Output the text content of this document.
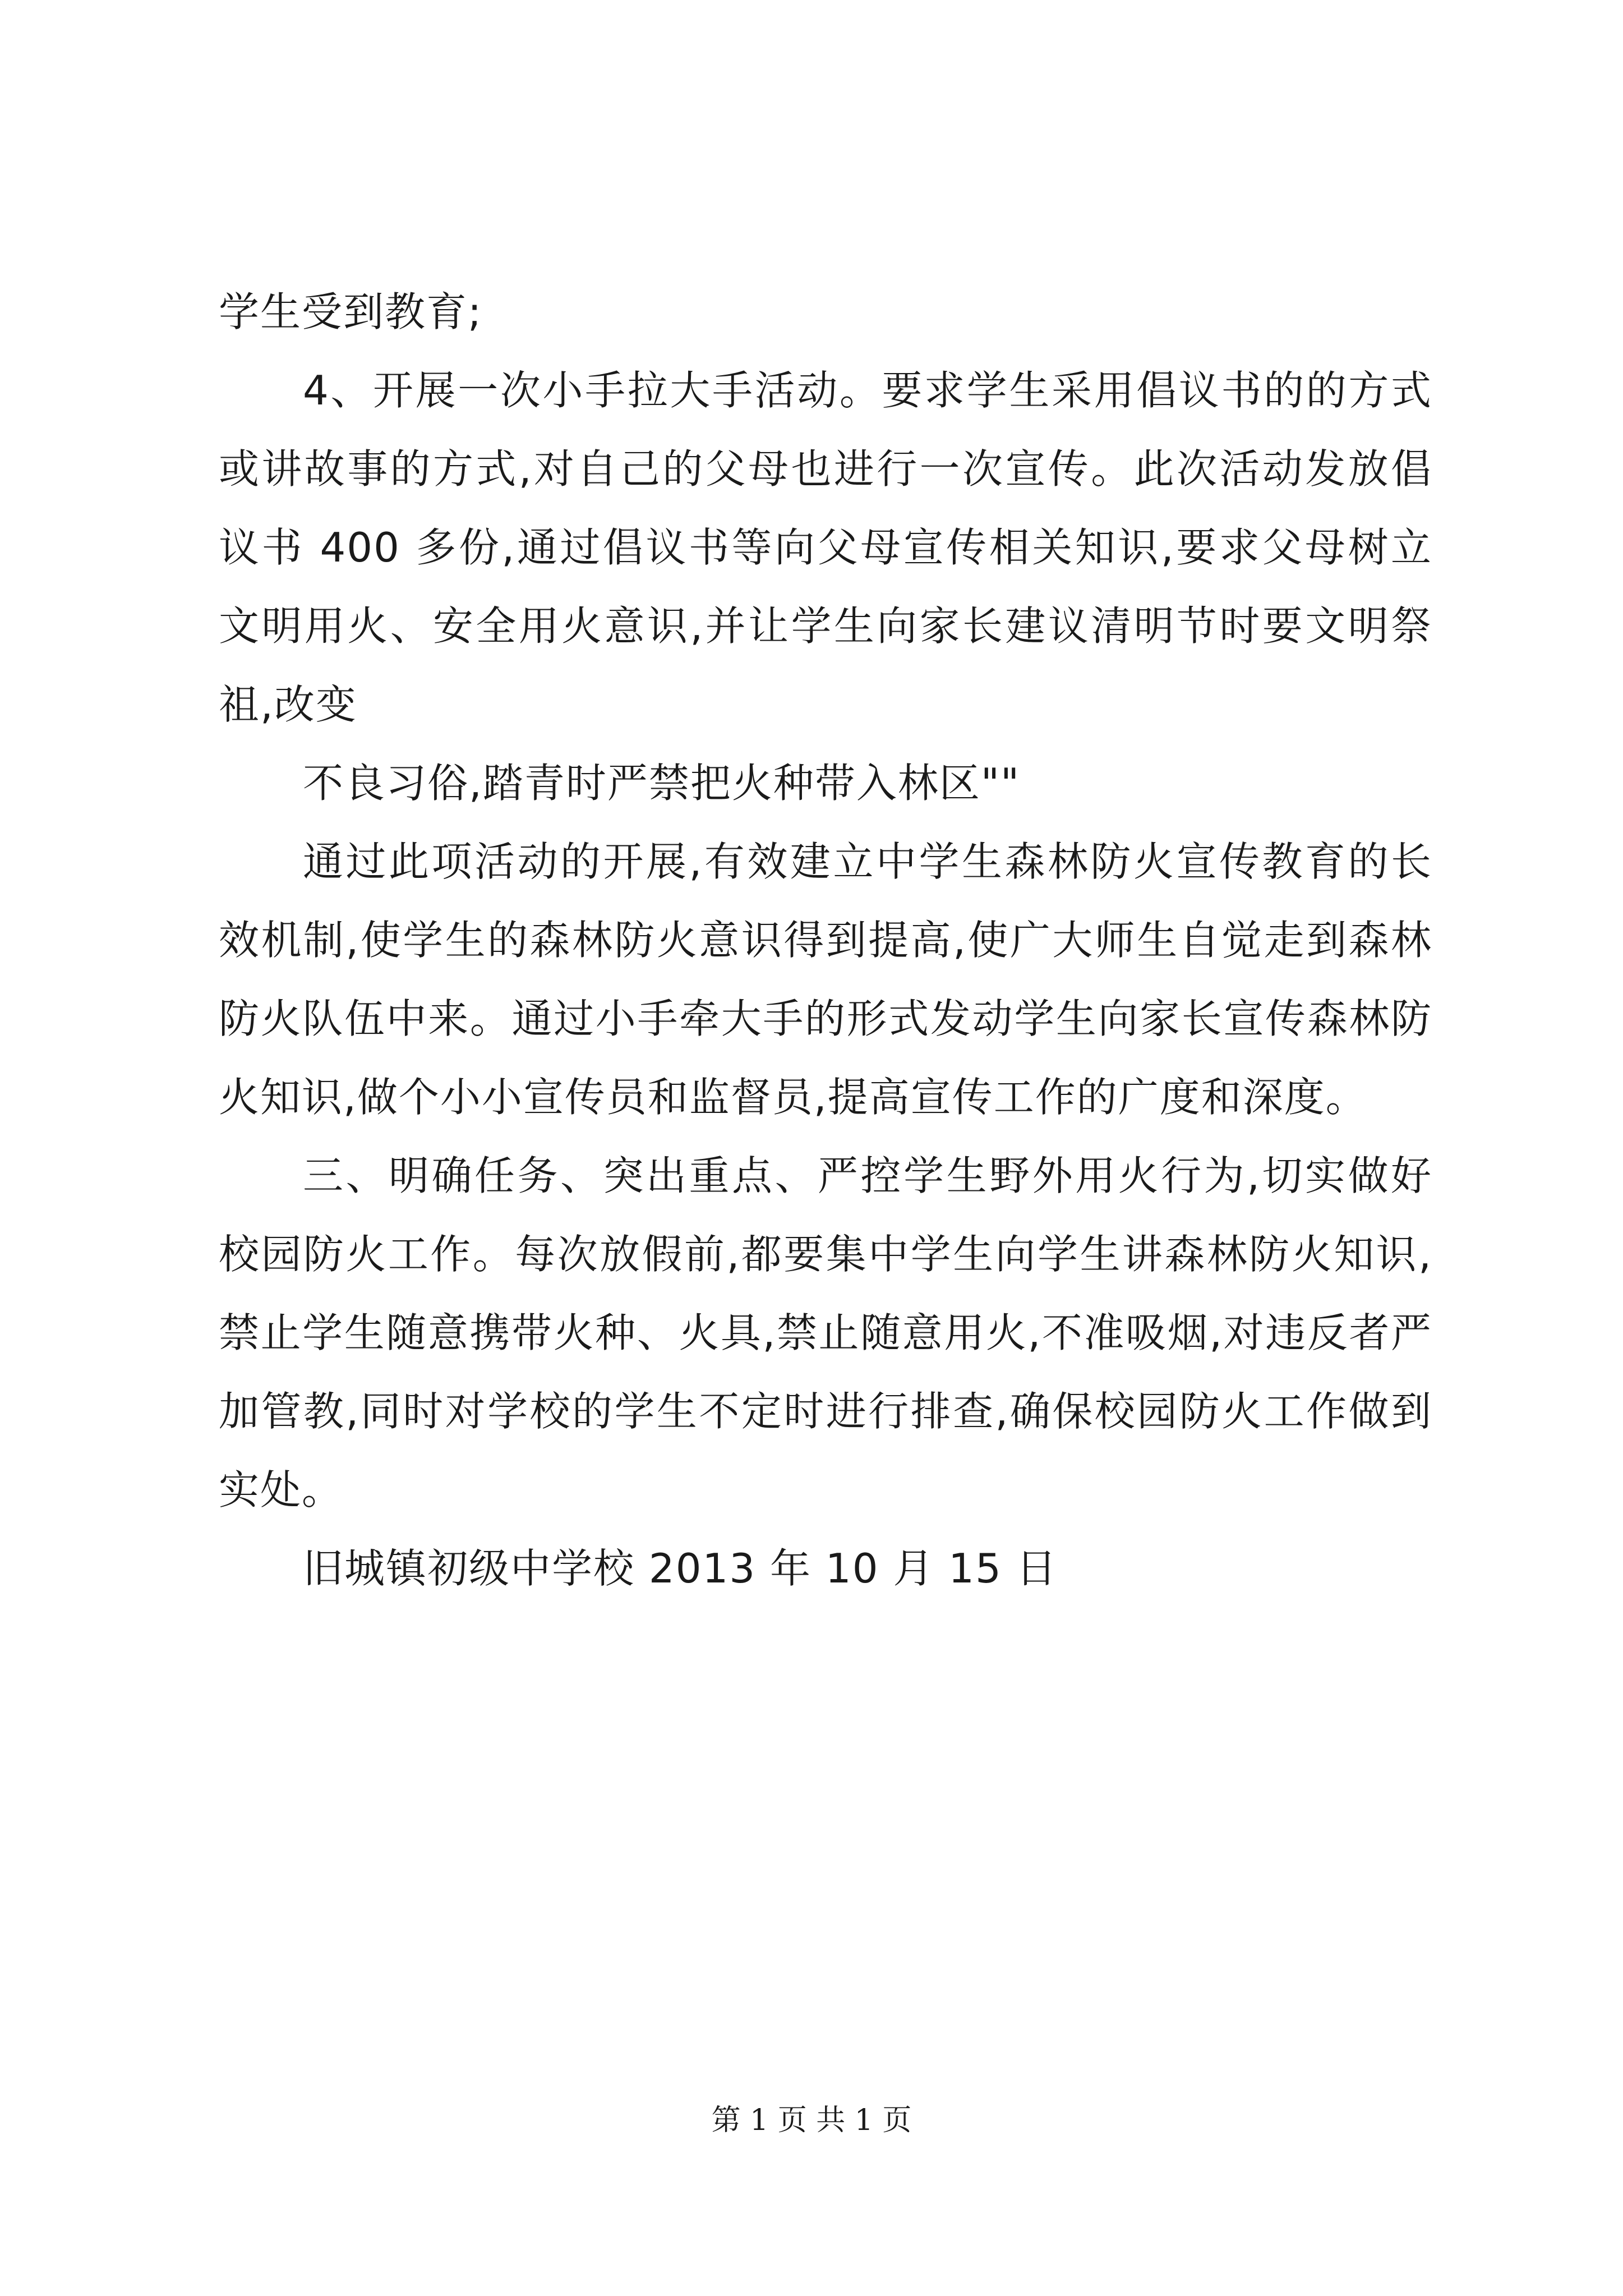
学生受到教育;

4、开展一次小手拉大手活动。要求学生采用倡议书的的方式或讲故事的方式,对自己的父母也进行一次宣传。此次活动发放倡议书 400 多份,通过倡议书等向父母宣传相关知识,要求父母树立文明用火、安全用火意识,并让学生向家长建议清明节时要文明祭祖,改变

不良习俗,踏青时严禁把火种带入林区""

通过此项活动的开展,有效建立中学生森林防火宣传教育的长效机制,使学生的森林防火意识得到提高,使广大师生自觉走到森林防火队伍中来。通过小手牵大手的形式发动学生向家长宣传森林防火知识,做个小小宣传员和监督员,提高宣传工作的广度和深度。

三、明确任务、突出重点、严控学生野外用火行为,切实做好校园防火工作。每次放假前,都要集中学生向学生讲森林防火知识,禁止学生随意携带火种、火具,禁止随意用火,不准吸烟,对违反者严加管教,同时对学校的学生不定时进行排查,确保校园防火工作做到实处。

旧城镇初级中学校 2013 年 10 月 15 日

第 1 页 共 1 页
